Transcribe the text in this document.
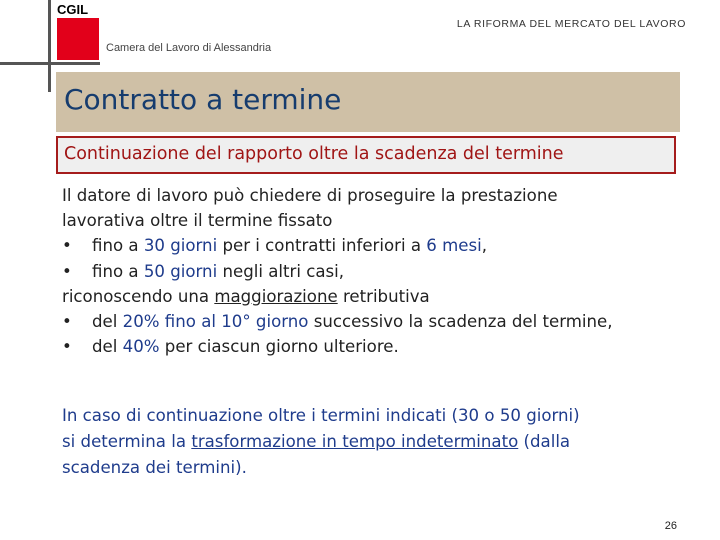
CGIL
Camera del Lavoro di Alessandria
LA RIFORMA DEL MERCATO DEL LAVORO
Contratto a termine
Continuazione del rapporto oltre la scadenza del termine
Il datore di lavoro può chiedere di proseguire la prestazione
lavorativa oltre il termine fissato
• fino a 30 giorni per i contratti inferiori a 6 mesi,
• fino a 50 giorni negli altri casi,
riconoscendo una maggiorazione retributiva
• del 20% fino al 10° giorno successivo la scadenza del termine,
• del 40% per ciascun giorno ulteriore.
In caso di continuazione oltre i termini indicati (30 o 50 giorni)
si determina la trasformazione in tempo indeterminato (dalla
scadenza dei termini).
26
